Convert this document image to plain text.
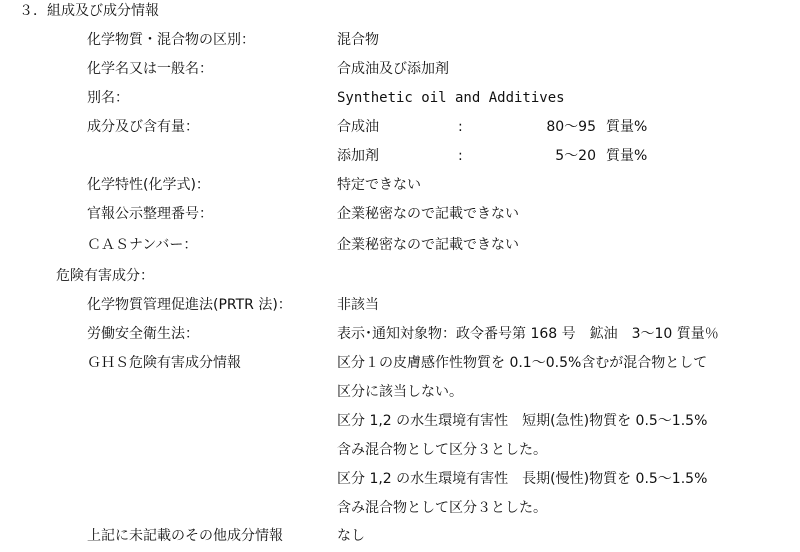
３．組成及び成分情報
化学物質・混合物の区別：	混合物
化学名又は一般名：	合成油及び添加剤
別名：	Synthetic oil and Additives
成分及び含有量：	合成油	:	80～95 質量%
添加剤	:	5～20 質量%
化学特性(化学式)：	特定できない
官報公示整理番号：	企業秘密なので記載できない
ＣＡＳナンバー：	企業秘密なので記載できない
危険有害成分：
化学物質管理促進法(PRTR 法)：	非該当
労働安全衛生法：	表示･通知対象物：政令番号第 168 号　鉱油　3～10 質量％
ＧＨＳ危険有害成分情報	区分１の皮膚感作性物質を 0.1～0.5%含むが混合物として
区分に該当しない。
区分 1,2 の水生環境有害性　短期(急性)物質を 0.5～1.5%
含み混合物として区分３とした。
区分 1,2 の水生環境有害性　長期(慢性)物質を 0.5～1.5%
含み混合物として区分３とした。
上記に未記載のその他成分情報	なし
